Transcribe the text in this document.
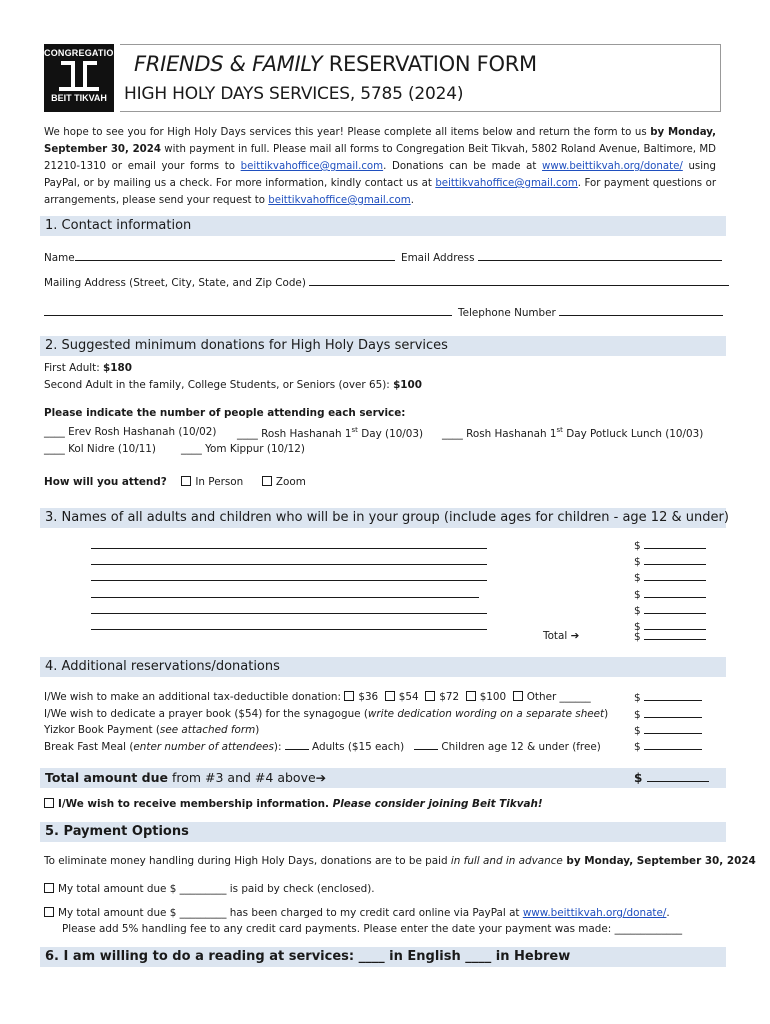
CONGREGATION
BEIT TIKVAH
FRIENDS & FAMILY RESERVATION FORM
HIGH HOLY DAYS SERVICES, 5785 (2024)
We hope to see you for High Holy Days services this year! Please complete all items below and return the form to us by Monday, September 30, 2024 with payment in full. Please mail all forms to Congregation Beit Tikvah, 5802 Roland Avenue, Baltimore, MD 21210-1310 or email your forms to beittikvahoffice@gmail.com. Donations can be made at www.beittikvah.org/donate/ using PayPal, or by mailing us a check. For more information, kindly contact us at beittikvahoffice@gmail.com. For payment questions or arrangements, please send your request to beittikvahoffice@gmail.com.
1. Contact information
Name	Email Address
Mailing Address (Street, City, State, and Zip Code)
Telephone Number
2. Suggested minimum donations for High Holy Days services
First Adult: $180
Second Adult in the family, College Students, or Seniors (over 65): $100
Please indicate the number of people attending each service:
____ Erev Rosh Hashanah (10/02) ____ Rosh Hashanah 1st Day (10/03) ____ Rosh Hashanah 1st Day Potluck Lunch (10/03)
____ Kol Nidre (10/11) ____ Yom Kippur (10/12)
How will you attend?	In Person	Zoom
3. Names of all adults and children who will be in your group (include ages for children - age 12 & under)
$
$
$
$
$
$
Total ➔	$
4. Additional reservations/donations
I/We wish to make an additional tax-deductible donation: $36 $54 $72 $100 Other ______	$
I/We wish to dedicate a prayer book ($54) for the synagogue (write dedication wording on a separate sheet) $
Yizkor Book Payment (see attached form)	$
Break Fast Meal (enter number of attendees):  Adults ($15 each)	Children age 12 & under (free)	$
Total amount due from #3 and #4 above➔	$
I/We wish to receive membership information. Please consider joining Beit Tikvah!
5. Payment Options
To eliminate money handling during High Holy Days, donations are to be paid in full and in advance by Monday, September 30, 2024
My total amount due $ _________ is paid by check (enclosed).
My total amount due $ _________ has been charged to my credit card online via PayPal at www.beittikvah.org/donate/.
Please add 5% handling fee to any credit card payments. Please enter the date your payment was made: _____________
6. I am willing to do a reading at services: ____ in English ____ in Hebrew
